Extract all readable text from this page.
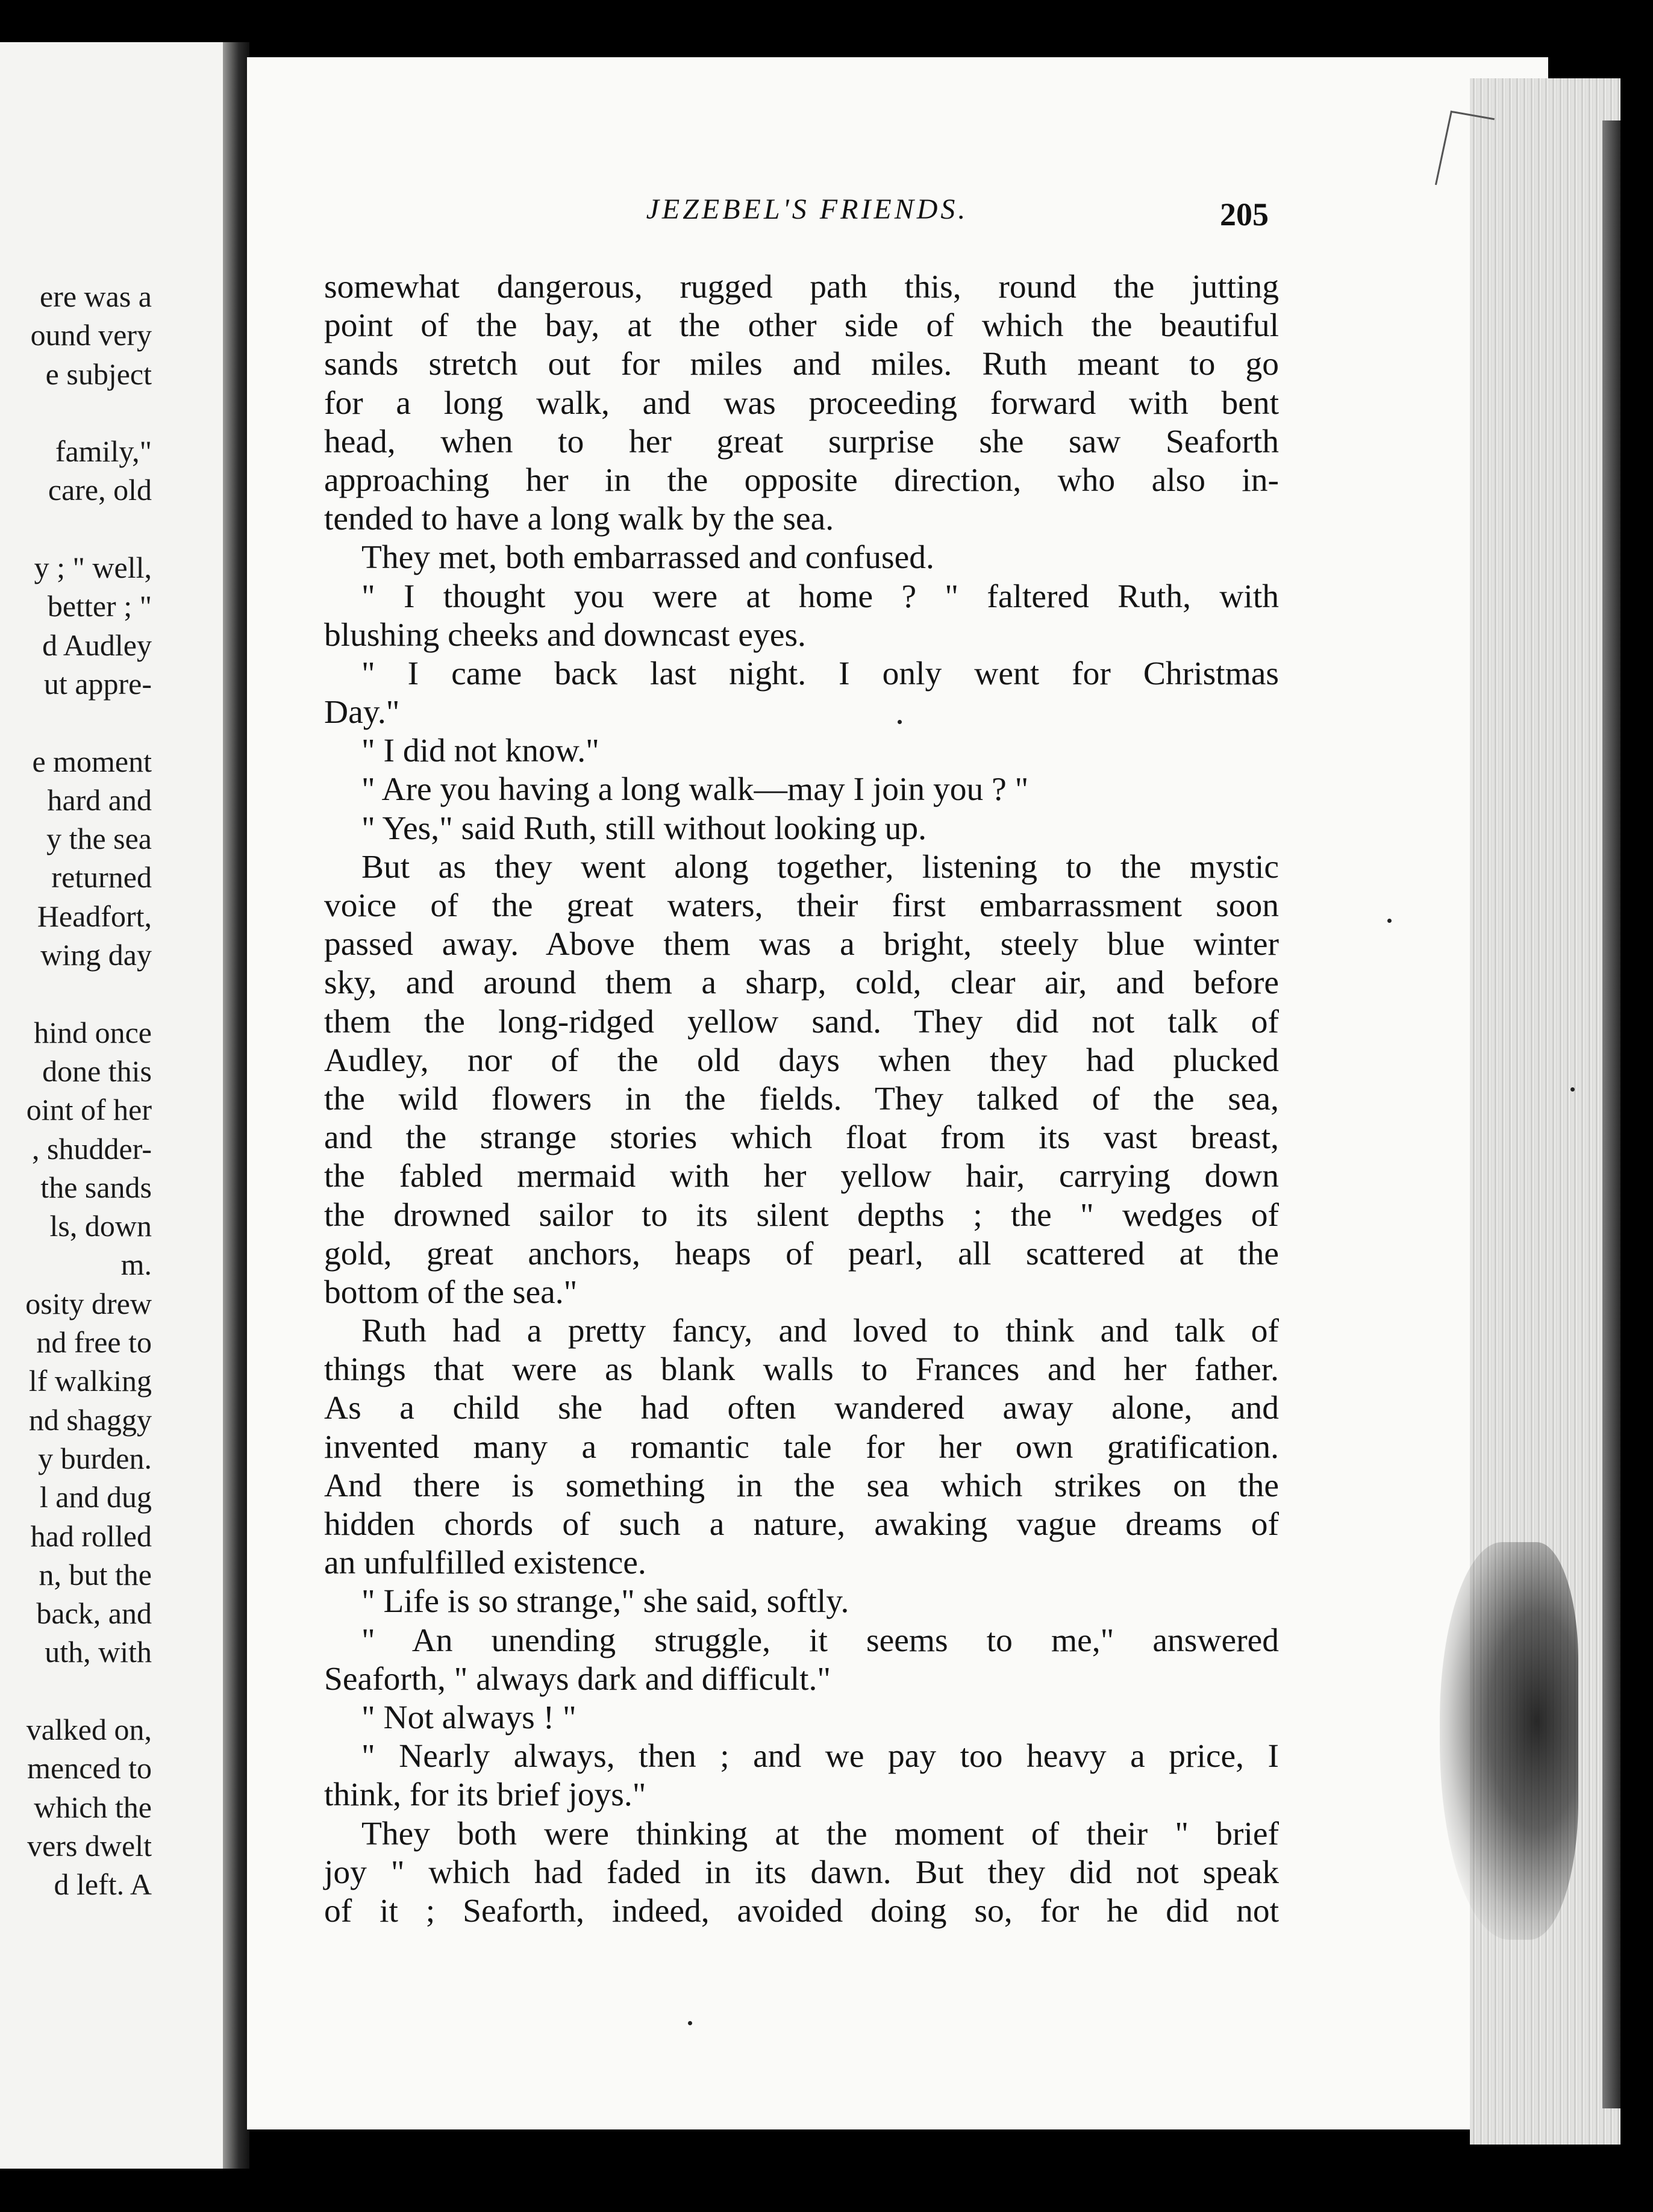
ere was a
ound very
e subject

family,"
care, old

y ; " well,
better ; "
d Audley
ut appre-

e moment
hard and
y the sea
returned
Headfort,
wing day

hind once
done this
oint of her
, shudder-
the sands
ls, down
m.
osity drew
nd free to
lf walking
nd shaggy
y burden.
l and dug
had rolled
n, but the
back, and
uth, with

valked on,
menced to
which the
vers dwelt
d left. A
JEZEBEL'S FRIENDS.	205
somewhat dangerous, rugged path this, round the jutting
point of the bay, at the other side of which the beautiful
sands stretch out for miles and miles. Ruth meant to go
for a long walk, and was proceeding forward with bent
head, when to her great surprise she saw Seaforth
approaching her in the opposite direction, who also in-
tended to have a long walk by the sea.
They met, both embarrassed and confused.
" I thought you were at home ? " faltered Ruth, with
blushing cheeks and downcast eyes.
" I came back last night. I only went for Christmas
Day."
" I did not know."
" Are you having a long walk—may I join you ? "
" Yes," said Ruth, still without looking up.
But as they went along together, listening to the mystic
voice of the great waters, their first embarrassment soon
passed away. Above them was a bright, steely blue winter
sky, and around them a sharp, cold, clear air, and before
them the long-ridged yellow sand. They did not talk of
Audley, nor of the old days when they had plucked
the wild flowers in the fields. They talked of the sea,
and the strange stories which float from its vast breast,
the fabled mermaid with her yellow hair, carrying down
the drowned sailor to its silent depths ; the " wedges of
gold, great anchors, heaps of pearl, all scattered at the
bottom of the sea."
Ruth had a pretty fancy, and loved to think and talk of
things that were as blank walls to Frances and her father.
As a child she had often wandered away alone, and
invented many a romantic tale for her own gratification.
And there is something in the sea which strikes on the
hidden chords of such a nature, awaking vague dreams of
an unfulfilled existence.
" Life is so strange," she said, softly.
" An unending struggle, it seems to me," answered
Seaforth, " always dark and difficult."
" Not always ! "
" Nearly always, then ; and we pay too heavy a price, I
think, for its brief joys."
They both were thinking at the moment of their " brief
joy " which had faded in its dawn. But they did not speak
of it ; Seaforth, indeed, avoided doing so, for he did not
